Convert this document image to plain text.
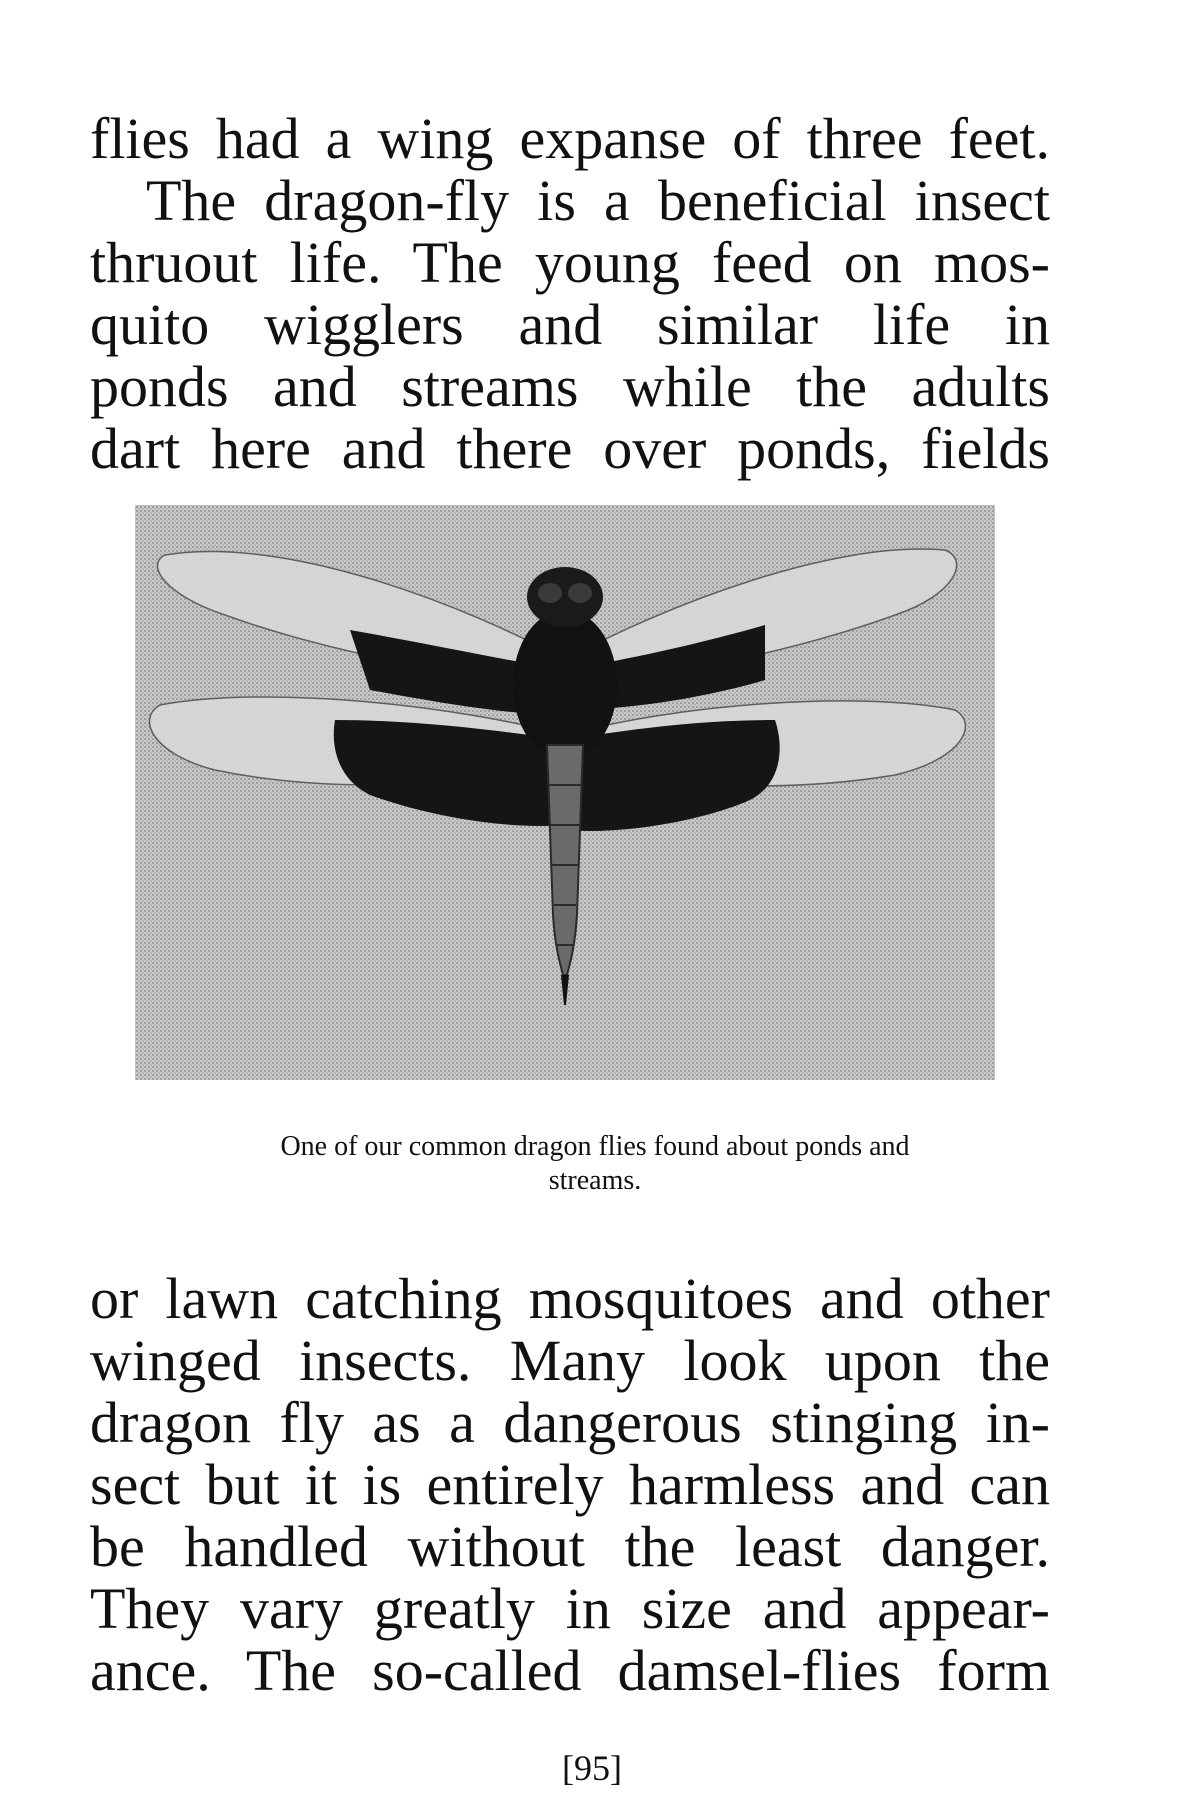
flies had a wing expanse of three feet.
The dragon-fly is a beneficial insect
thruout life. The young feed on mos-
quito wigglers and similar life in
ponds and streams while the adults
dart here and there over ponds, fields

One of our common dragon flies found about ponds and
streams.

or lawn catching mosquitoes and other
winged insects. Many look upon the
dragon fly as a dangerous stinging in-
sect but it is entirely harmless and can
be handled without the least danger.
They vary greatly in size and appear-
ance. The so-called damsel-flies form

[95]
